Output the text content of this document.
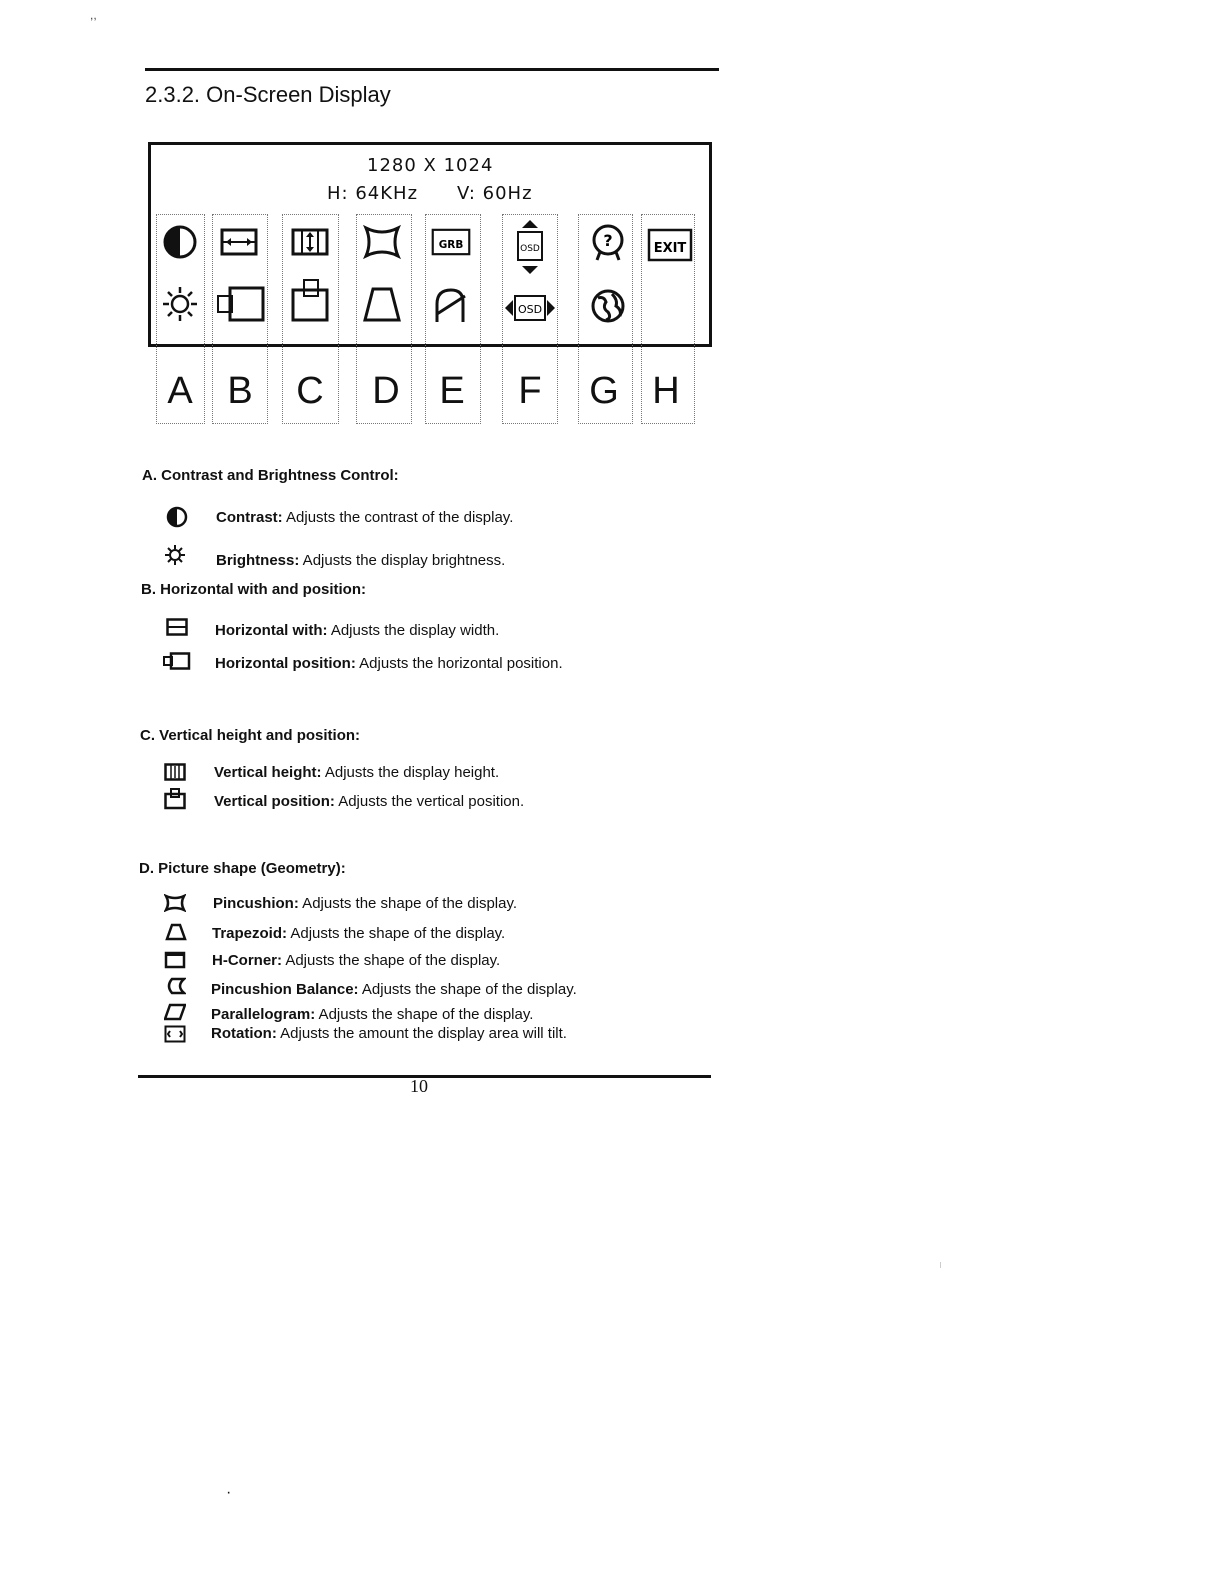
,,
2.3.2. On-Screen Display
1280 X 1024
H: 64KHz V: 60Hz
GRB	OSD	?	EXIT
OSD
A B C D E	F	G H
A. Contrast and Brightness Control:
Contrast: Adjusts the contrast of the display.
Brightness: Adjusts the display brightness.
B. Horizontal with and position:
Horizontal with: Adjusts the display width.
Horizontal position: Adjusts the horizontal position.
C. Vertical height and position:
Vertical height: Adjusts the display height.
Vertical position: Adjusts the vertical position.
D. Picture shape (Geometry):
Pincushion: Adjusts the shape of the display.
Trapezoid: Adjusts the shape of the display.
H-Corner: Adjusts the shape of the display.
Pincushion Balance: Adjusts the shape of the display.
Parallelogram: Adjusts the shape of the display.
Rotation: Adjusts the amount the display area will tilt.
10
·
